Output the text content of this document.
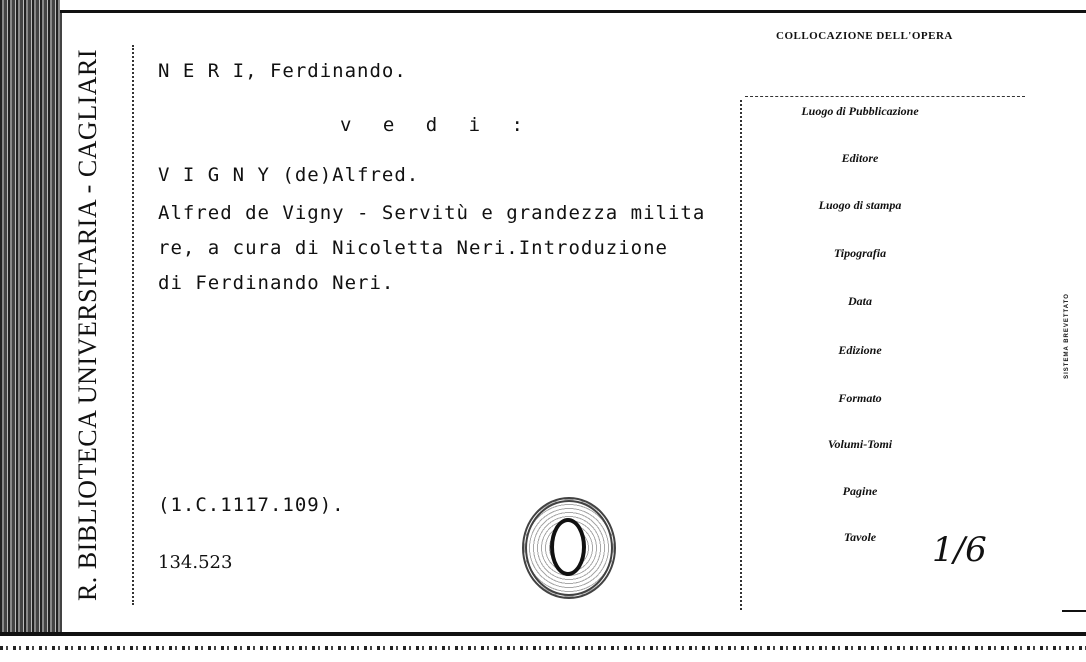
R. BIBLIOTECA UNIVERSITARIA - CAGLIARI	N E R I, Ferdinando.
v e d i :
V I G N Y (de)Alfred.
Alfred de Vigny - Servitù e grandezza milita
re, a cura di Nicoletta Neri.Introduzione
di Ferdinando Neri.
(1.C.1117.109).
134.523
COLLOCAZIONE DELL'OPERA
Luogo di Pubblicazione
Editore
Luogo di stampa
Tipografia
Data
Edizione
Formato
Volumi-Tomi
Pagine
Tavole	1/6
SISTEMA BREVETTATO
